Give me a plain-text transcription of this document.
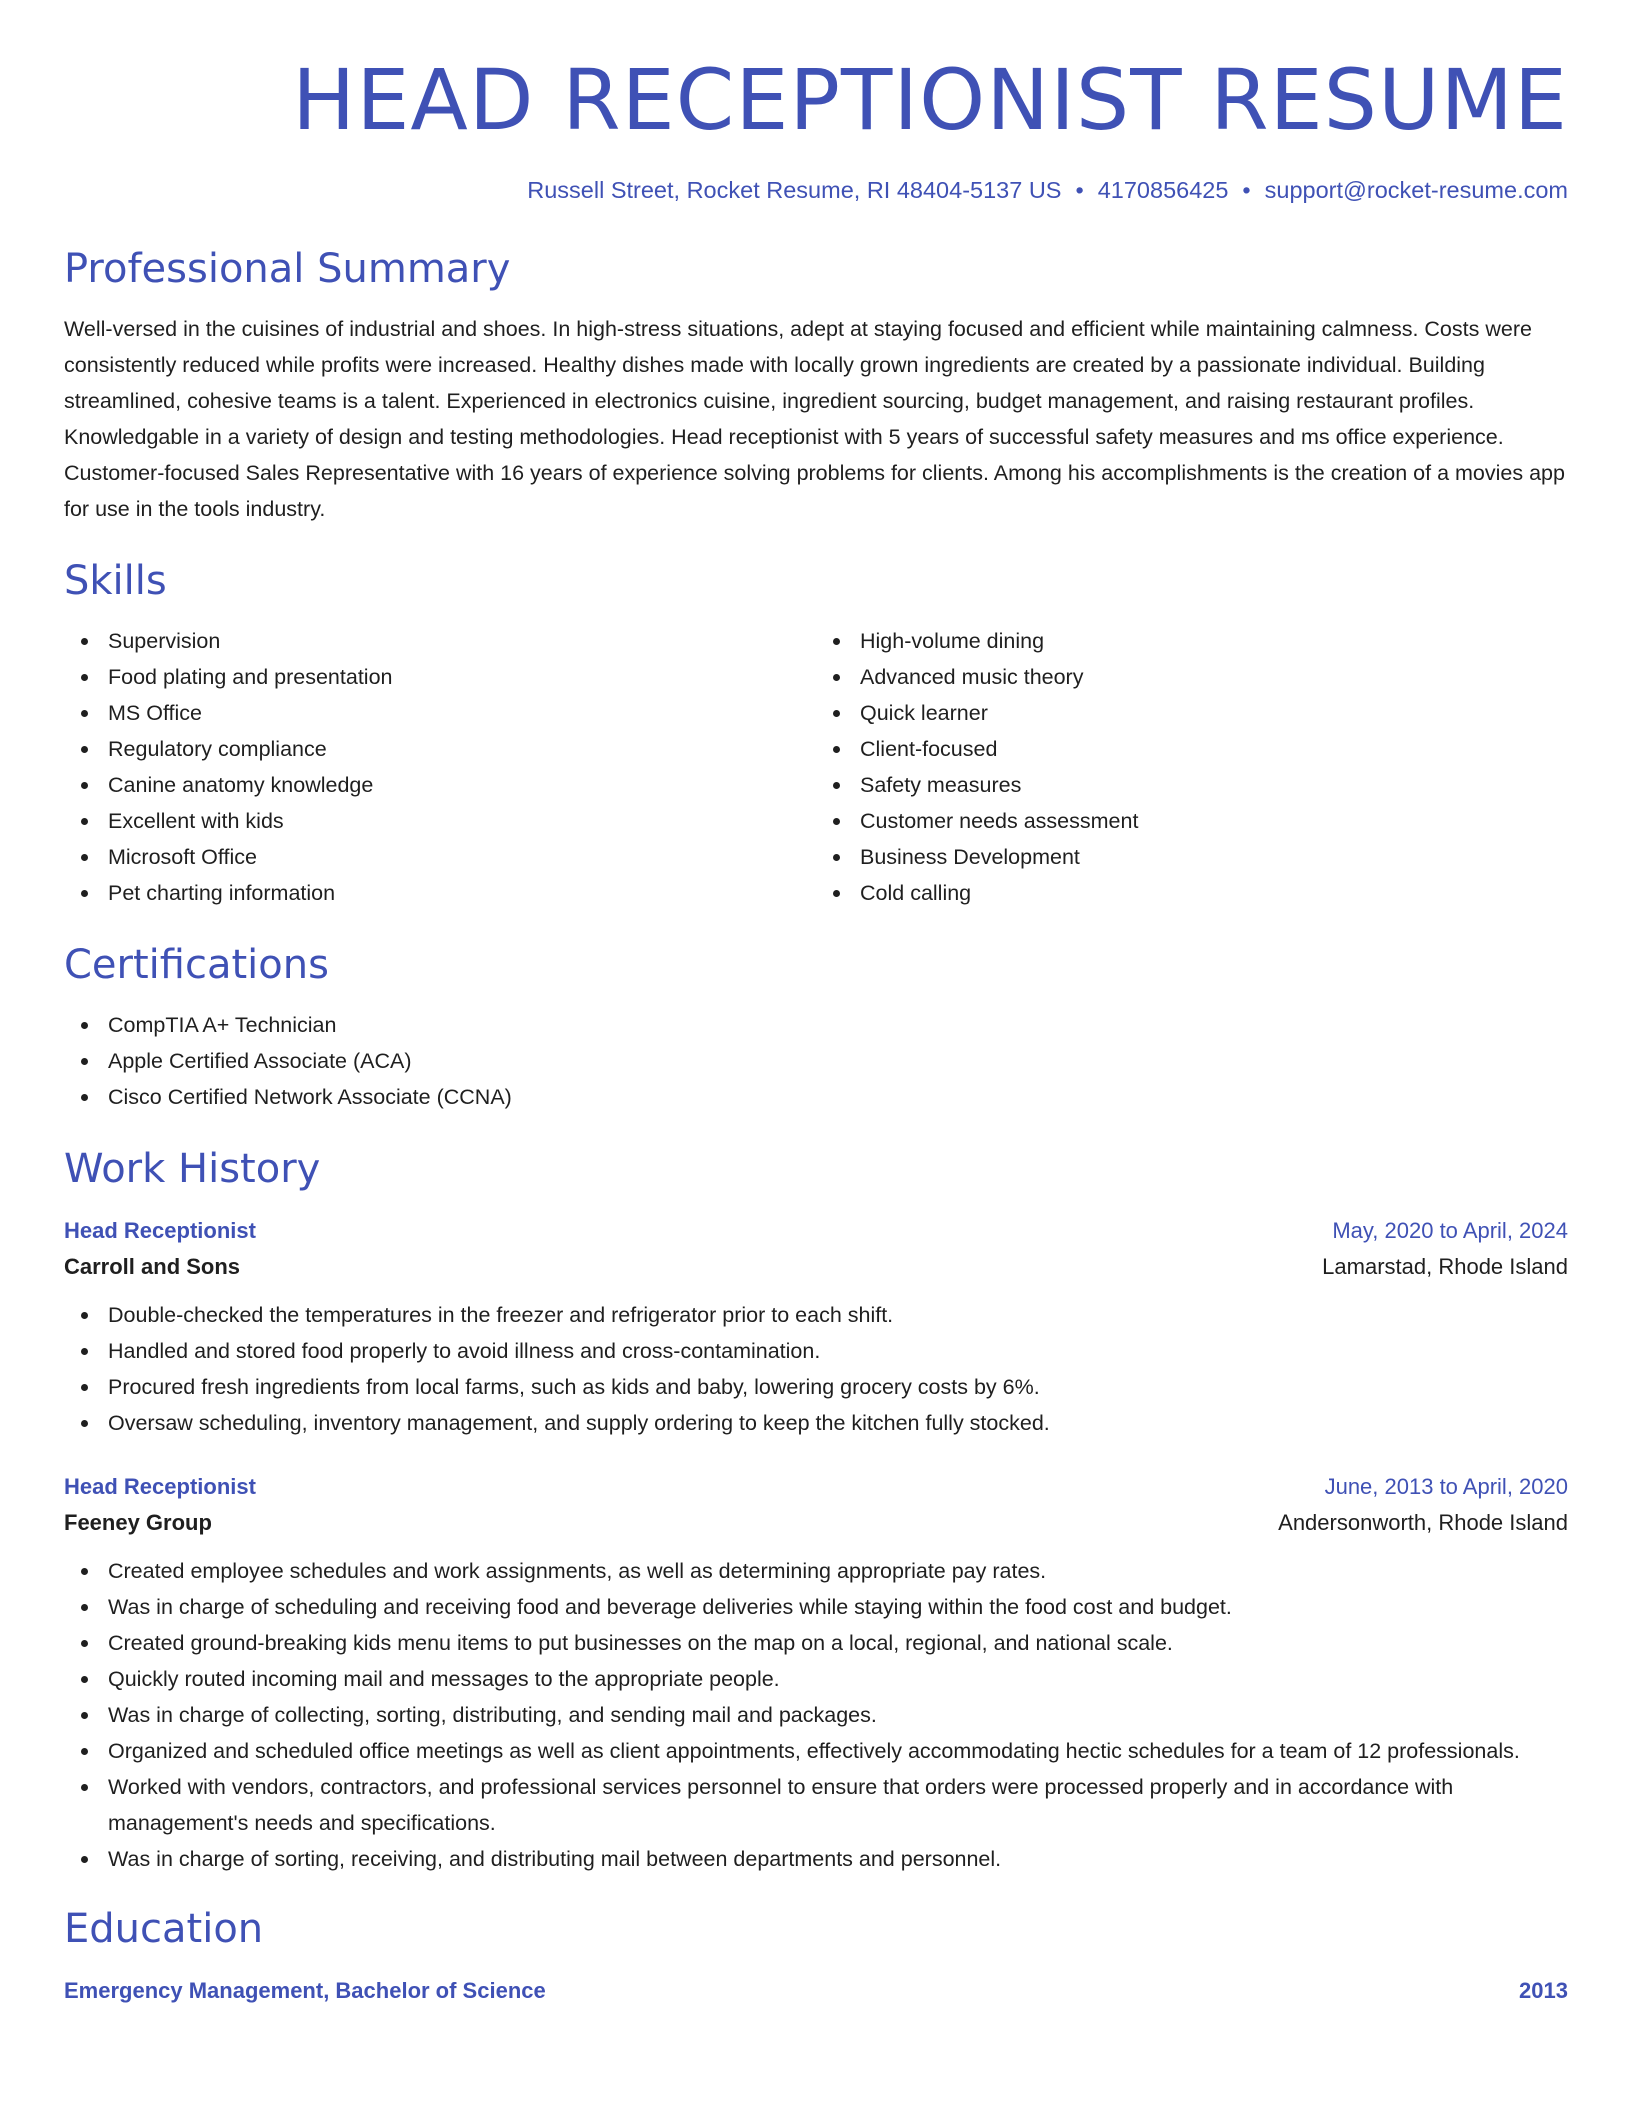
HEAD RECEPTIONIST RESUME
Russell Street, Rocket Resume, RI 48404-5137 US • 4170856425 • support@rocket-resume.com
Professional Summary

Well-versed in the cuisines of industrial and shoes. In high-stress situations, adept at staying focused and efficient while maintaining calmness. Costs were consistently reduced while profits were increased. Healthy dishes made with locally grown ingredients are created by a passionate individual. Building streamlined, cohesive teams is a talent. Experienced in electronics cuisine, ingredient sourcing, budget management, and raising restaurant profiles. Knowledgable in a variety of design and testing methodologies. Head receptionist with 5 years of successful safety measures and ms office experience. Customer-focused Sales Representative with 16 years of experience solving problems for clients. Among his accomplishments is the creation of a movies app for use in the tools industry.

Skills
Supervision
Food plating and presentation
MS Office
Regulatory compliance
Canine anatomy knowledge
Excellent with kids
Microsoft Office
Pet charting information
High-volume dining
Advanced music theory
Quick learner
Client-focused
Safety measures
Customer needs assessment
Business Development
Cold calling
Certifications
CompTIA A+ Technician
Apple Certified Associate (ACA)
Cisco Certified Network Associate (CCNA)
Work History
Head Receptionist	May, 2020 to April, 2024
Carroll and Sons	Lamarstad, Rhode Island
Double-checked the temperatures in the freezer and refrigerator prior to each shift.
Handled and stored food properly to avoid illness and cross-contamination.
Procured fresh ingredients from local farms, such as kids and baby, lowering grocery costs by 6%.
Oversaw scheduling, inventory management, and supply ordering to keep the kitchen fully stocked.
Head Receptionist	June, 2013 to April, 2020
Feeney Group	Andersonworth, Rhode Island
Created employee schedules and work assignments, as well as determining appropriate pay rates.
Was in charge of scheduling and receiving food and beverage deliveries while staying within the food cost and budget.
Created ground-breaking kids menu items to put businesses on the map on a local, regional, and national scale.
Quickly routed incoming mail and messages to the appropriate people.
Was in charge of collecting, sorting, distributing, and sending mail and packages.
Organized and scheduled office meetings as well as client appointments, effectively accommodating hectic schedules for a team of 12 professionals.
Worked with vendors, contractors, and professional services personnel to ensure that orders were processed properly and in accordance with management's needs and specifications.
Was in charge of sorting, receiving, and distributing mail between departments and personnel.
Education
Emergency Management, Bachelor of Science	2013
